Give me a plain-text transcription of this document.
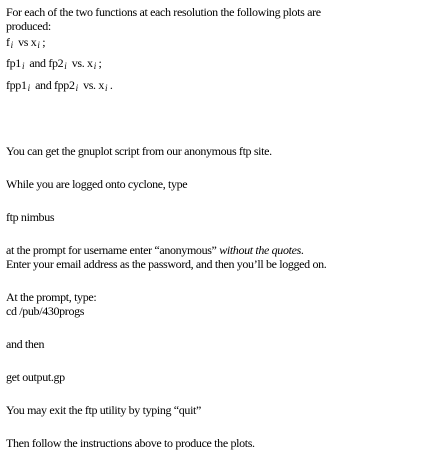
For each of the two functions at each resolution the following plots are
produced:
fi vs xi ;
fp1i and fp2i vs. xi ;
fpp1i and fpp2i vs. xi .
You can get the gnuplot script from our anonymous ftp site.
While you are logged onto cyclone, type
ftp nimbus
at the prompt for username enter “anonymous” without the quotes.
Enter your email address as the password, and then you’ll be logged on.
At the prompt, type:
cd /pub/430progs
and then
get output.gp
You may exit the ftp utility by typing “quit”
Then follow the instructions above to produce the plots.
